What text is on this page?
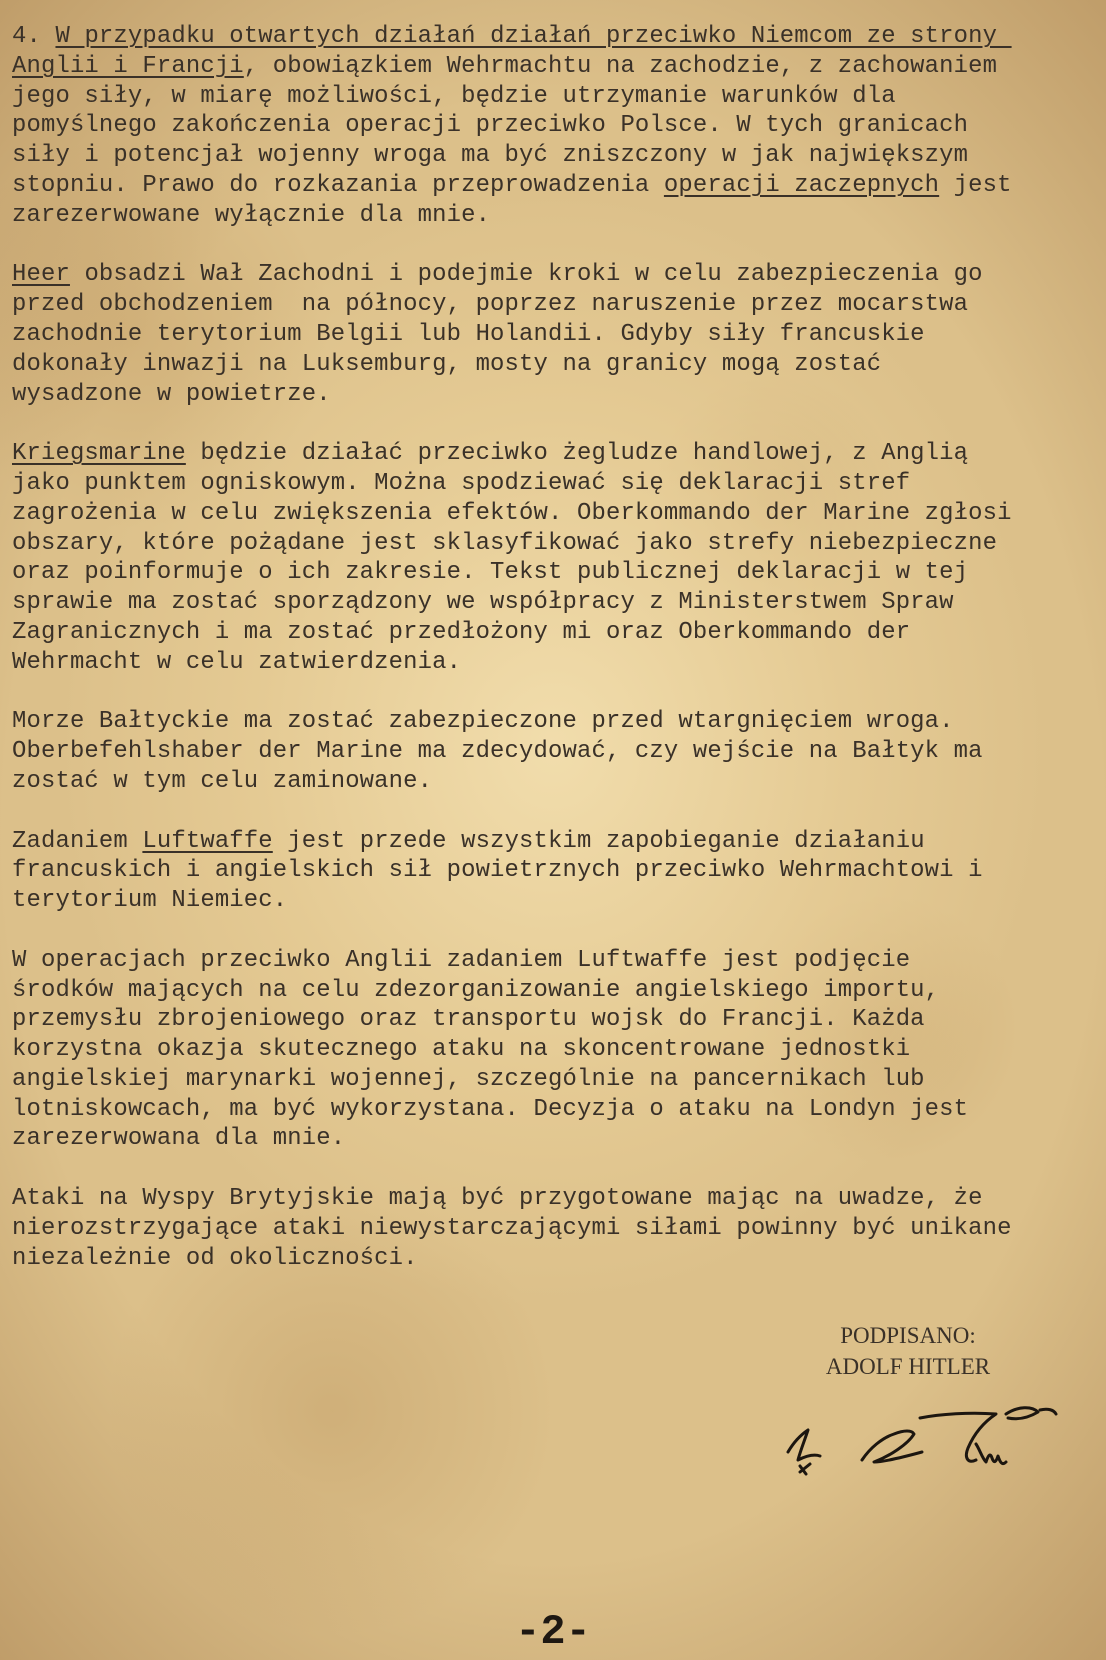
4. W przypadku otwartych działań działań przeciwko Niemcom ze strony
Anglii i Francji, obowiązkiem Wehrmachtu na zachodzie, z zachowaniem
jego siły, w miarę możliwości, będzie utrzymanie warunków dla
pomyślnego zakończenia operacji przeciwko Polsce. W tych granicach
siły i potencjał wojenny wroga ma być zniszczony w jak największym
stopniu. Prawo do rozkazania przeprowadzenia operacji zaczepnych jest
zarezerwowane wyłącznie dla mnie.
Heer obsadzi Wał Zachodni i podejmie kroki w celu zabezpieczenia go
przed obchodzeniem  na północy, poprzez naruszenie przez mocarstwa
zachodnie terytorium Belgii lub Holandii. Gdyby siły francuskie
dokonały inwazji na Luksemburg, mosty na granicy mogą zostać
wysadzone w powietrze.
Kriegsmarine będzie działać przeciwko żegludze handlowej, z Anglią
jako punktem ogniskowym. Można spodziewać się deklaracji stref
zagrożenia w celu zwiększenia efektów. Oberkommando der Marine zgłosi
obszary, które pożądane jest sklasyfikować jako strefy niebezpieczne
oraz poinformuje o ich zakresie. Tekst publicznej deklaracji w tej
sprawie ma zostać sporządzony we współpracy z Ministerstwem Spraw
Zagranicznych i ma zostać przedłożony mi oraz Oberkommando der
Wehrmacht w celu zatwierdzenia.
Morze Bałtyckie ma zostać zabezpieczone przed wtargnięciem wroga.
Oberbefehlshaber der Marine ma zdecydować, czy wejście na Bałtyk ma
zostać w tym celu zaminowane.
Zadaniem Luftwaffe jest przede wszystkim zapobieganie działaniu
francuskich i angielskich sił powietrznych przeciwko Wehrmachtowi i
terytorium Niemiec.
W operacjach przeciwko Anglii zadaniem Luftwaffe jest podjęcie
środków mających na celu zdezorganizowanie angielskiego importu,
przemysłu zbrojeniowego oraz transportu wojsk do Francji. Każda
korzystna okazja skutecznego ataku na skoncentrowane jednostki
angielskiej marynarki wojennej, szczególnie na pancernikach lub
lotniskowcach, ma być wykorzystana. Decyzja o ataku na Londyn jest
zarezerwowana dla mnie.
Ataki na Wyspy Brytyjskie mają być przygotowane mając na uwadze, że
nierozstrzygające ataki niewystarczającymi siłami powinny być unikane
niezależnie od okoliczności.
PODPISANO:
ADOLF HITLER
-2-
